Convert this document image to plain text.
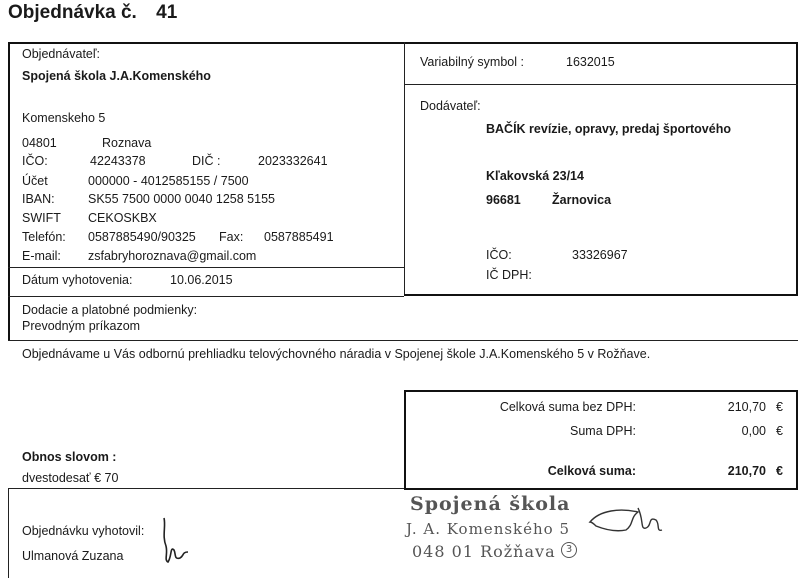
Objednávka č. 41
Objednávateľ:
Spojená škola J.A.Komenského
Komenskeho 5
04801	Roznava
IČO:	42243378	DIČ :	2023332641
Účet	000000 - 4012585155 / 7500
IBAN:	SK55 7500 0000 0040 1258 5155
SWIFT CEKOSKBX
Telefón: 0587885490/90325 Fax: 0587885491
E-mail: zsfabryhoroznava@gmail.com
Dátum vyhotovenia:	10.06.2015
Variabilný symbol :	1632015
Dodávateľ:
BAČÍK revízie, opravy, predaj športového
Kľakovská 23/14
96681 Žarnovica
IČO:	33326967
IČ DPH:
Dodacie a platobné podmienky:
Prevodným príkazom
Objednávame u Vás odbornú prehliadku telovýchovného náradia v Spojenej škole J.A.Komenského 5 v Rožňave.
Celková suma bez DPH:	210,70 €
Suma DPH:	0,00 €
Celková suma:	210,70 €
Obnos slovom :
dvestodesať € 70
Objednávku vyhotovil:
Ulmanová Zuzana
Spojená škola
J. A. Komenského 5
048 01 Rožňava	3
